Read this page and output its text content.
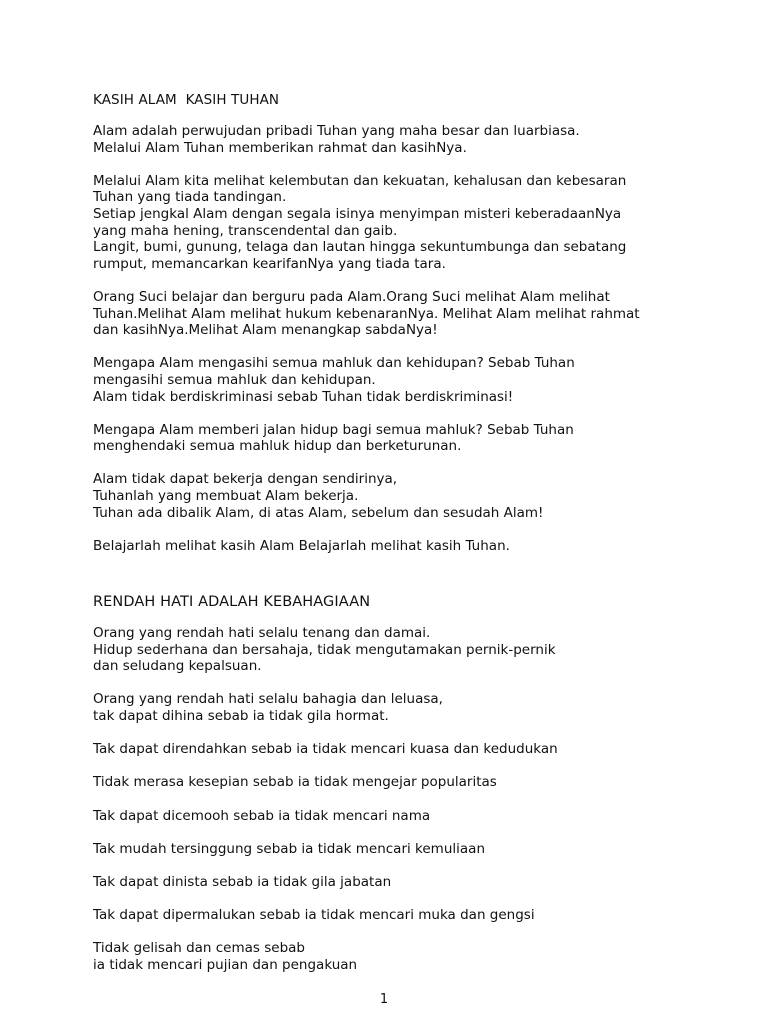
KASIH ALAM  KASIH TUHAN

Alam adalah perwujudan pribadi Tuhan yang maha besar dan luarbiasa.
Melalui Alam Tuhan memberikan rahmat dan kasihNya.

Melalui Alam kita melihat kelembutan dan kekuatan, kehalusan dan kebesaran
Tuhan yang tiada tandingan.
Setiap jengkal Alam dengan segala isinya menyimpan misteri keberadaanNya
yang maha hening, transcendental dan gaib.
Langit, bumi, gunung, telaga dan lautan hingga sekuntumbunga dan sebatang
rumput, memancarkan kearifanNya yang tiada tara.

Orang Suci belajar dan berguru pada Alam.Orang Suci melihat Alam melihat
Tuhan.Melihat Alam melihat hukum kebenaranNya. Melihat Alam melihat rahmat
dan kasihNya.Melihat Alam menangkap sabdaNya!

Mengapa Alam mengasihi semua mahluk dan kehidupan? Sebab Tuhan
mengasihi semua mahluk dan kehidupan.
Alam tidak berdiskriminasi sebab Tuhan tidak berdiskriminasi!

Mengapa Alam memberi jalan hidup bagi semua mahluk? Sebab Tuhan
menghendaki semua mahluk hidup dan berketurunan.

Alam tidak dapat bekerja dengan sendirinya,
Tuhanlah yang membuat Alam bekerja.
Tuhan ada dibalik Alam, di atas Alam, sebelum dan sesudah Alam!

Belajarlah melihat kasih Alam Belajarlah melihat kasih Tuhan.

RENDAH HATI ADALAH KEBAHAGIAAN

Orang yang rendah hati selalu tenang dan damai.
Hidup sederhana dan bersahaja, tidak mengutamakan pernik-pernik
dan seludang kepalsuan.

Orang yang rendah hati selalu bahagia dan leluasa,
tak dapat dihina sebab ia tidak gila hormat.

Tak dapat direndahkan sebab ia tidak mencari kuasa dan kedudukan

Tidak merasa kesepian sebab ia tidak mengejar popularitas

Tak dapat dicemooh sebab ia tidak mencari nama

Tak mudah tersinggung sebab ia tidak mencari kemuliaan

Tak dapat dinista sebab ia tidak gila jabatan

Tak dapat dipermalukan sebab ia tidak mencari muka dan gengsi

Tidak gelisah dan cemas sebab
ia tidak mencari pujian dan pengakuan

1
